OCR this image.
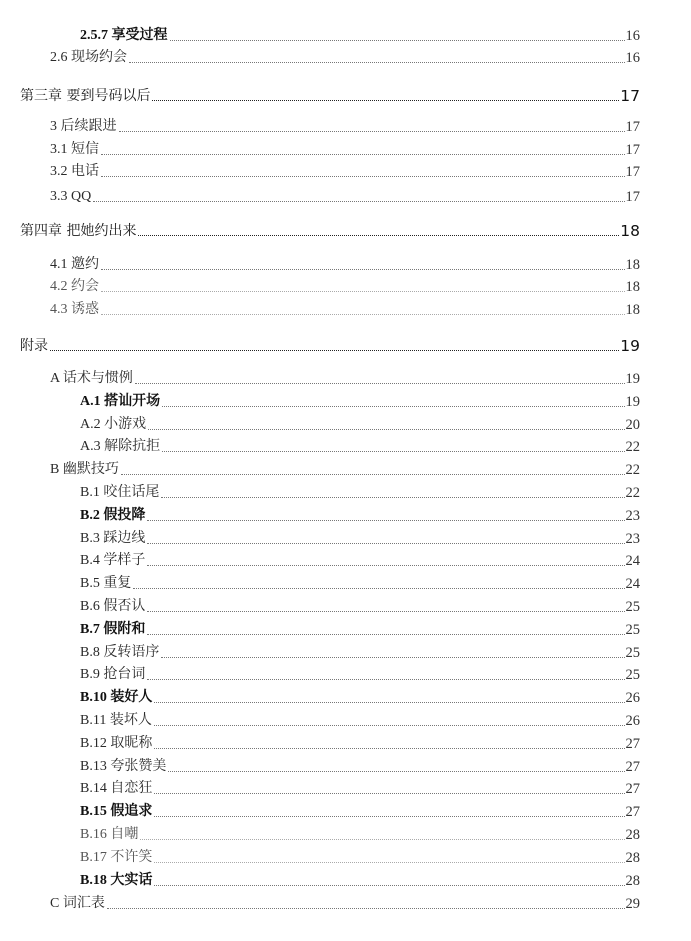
2.5.7 享受过程	16
2.6 现场约会	16
第三章 要到号码以后	17
3 后续跟进	17
3.1 短信	17
3.2 电话	17
3.3 QQ	17
第四章 把她约出来	18
4.1 邀约	18
4.2 约会	18
4.3 诱惑	18
附录	19
A 话术与惯例	19
A.1 搭讪开场	19
A.2 小游戏	20
A.3 解除抗拒	22
B 幽默技巧	22
B.1 咬住话尾	22
B.2 假投降	23
B.3 踩边线	23
B.4 学样子	24
B.5 重复	24
B.6 假否认	25
B.7 假附和	25
B.8 反转语序	25
B.9 抢台词	25
B.10 装好人	26
B.11 装坏人	26
B.12 取昵称	27
B.13 夸张赞美	27
B.14 自恋狂	27
B.15 假追求	27
B.16 自嘲	28
B.17 不许笑	28
B.18 大实话	28
C 词汇表	29
